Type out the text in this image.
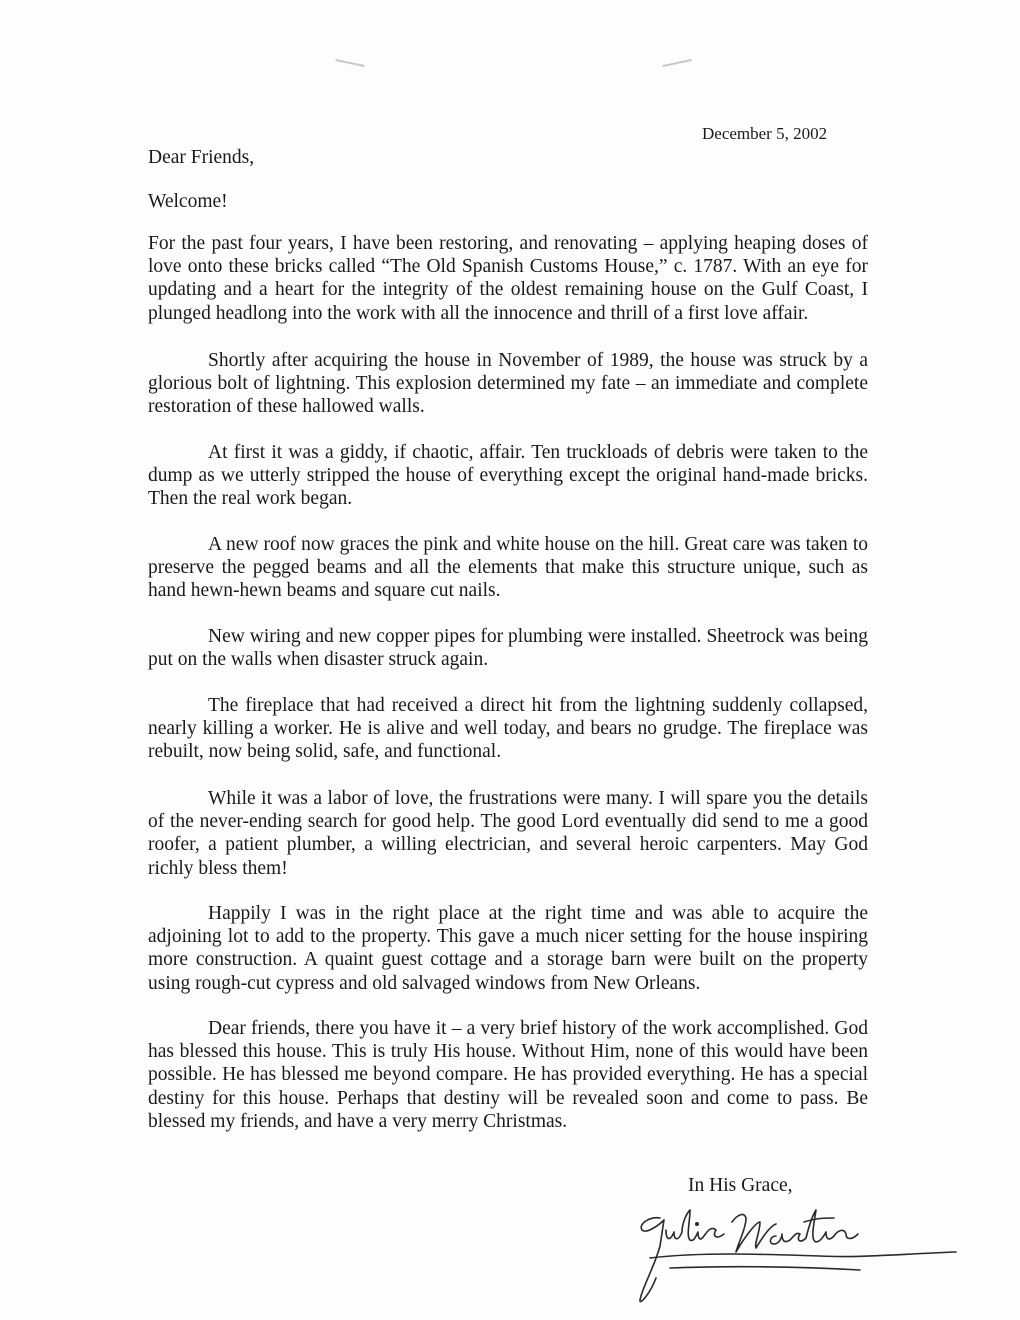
December 5, 2002
Dear Friends,
Welcome!

For the past four years, I have been restoring, and renovating – applying heaping doses of love onto these bricks called “The Old Spanish Customs House,” c. 1787. With an eye for updating and a heart for the integrity of the oldest remaining house on the Gulf Coast, I plunged headlong into the work with all the innocence and thrill of a first love affair.

Shortly after acquiring the house in November of 1989, the house was struck by a glorious bolt of lightning. This explosion determined my fate – an immediate and complete restoration of these hallowed walls.

At first it was a giddy, if chaotic, affair. Ten truckloads of debris were taken to the dump as we utterly stripped the house of everything except the original hand-made bricks. Then the real work began.

A new roof now graces the pink and white house on the hill. Great care was taken to preserve the pegged beams and all the elements that make this structure unique, such as hand hewn-hewn beams and square cut nails.

New wiring and new copper pipes for plumbing were installed. Sheetrock was being put on the walls when disaster struck again.

The fireplace that had received a direct hit from the lightning suddenly collapsed, nearly killing a worker. He is alive and well today, and bears no grudge. The fireplace was rebuilt, now being solid, safe, and functional.

While it was a labor of love, the frustrations were many. I will spare you the details of the never-ending search for good help. The good Lord eventually did send to me a good roofer, a patient plumber, a willing electrician, and several heroic carpenters. May God richly bless them!

Happily I was in the right place at the right time and was able to acquire the adjoining lot to add to the property. This gave a much nicer setting for the house inspiring more construction. A quaint guest cottage and a storage barn were built on the property using rough-cut cypress and old salvaged windows from New Orleans.

Dear friends, there you have it – a very brief history of the work accomplished. God has blessed this house. This is truly His house. Without Him, none of this would have been possible. He has blessed me beyond compare. He has provided everything. He has a special destiny for this house. Perhaps that destiny will be revealed soon and come to pass. Be blessed my friends, and have a very merry Christmas.

In His Grace,
